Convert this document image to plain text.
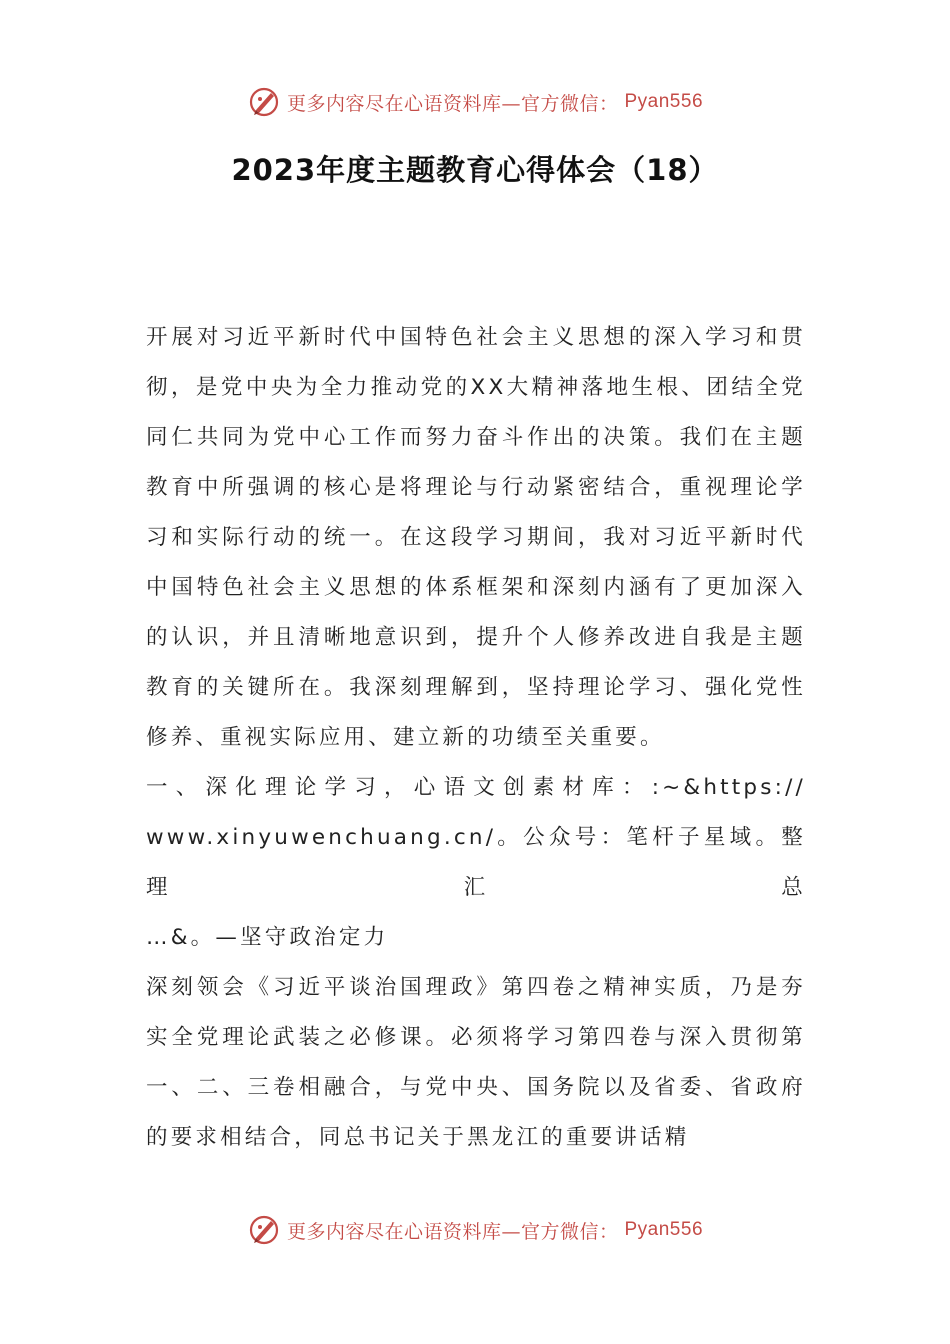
更多内容尽在心语资料库—官方微信： Pyan556
2023年度主题教育心得体会（18）

开展对习近平新时代中国特色社会主义思想的深入学习和贯彻，是党中央为全力推动党的XX大精神落地生根、团结全党同仁共同为党中心工作而努力奋斗作出的决策。我们在主题教育中所强调的核心是将理论与行动紧密结合，重视理论学习和实际行动的统一。在这段学习期间，我对习近平新时代中国特色社会主义思想的体系框架和深刻内涵有了更加深入的认识，并且清晰地意识到，提升个人修养改进自我是主题教育的关键所在。我深刻理解到，坚持理论学习、强化党性修养、重视实际应用、建立新的功绩至关重要。

一、深化理论学习，心语文创素材库：:~&https://

www.xinyuwenchuang.cn/。公众号：笔杆子星域。整理汇总

…&。—坚守政治定力

深刻领会《习近平谈治国理政》第四卷之精神实质，乃是夯实全党理论武装之必修课。必须将学习第四卷与深入贯彻第一、二、三卷相融合，与党中央、国务院以及省委、省政府的要求相结合，同总书记关于黑龙江的重要讲话精

更多内容尽在心语资料库—官方微信： Pyan556
